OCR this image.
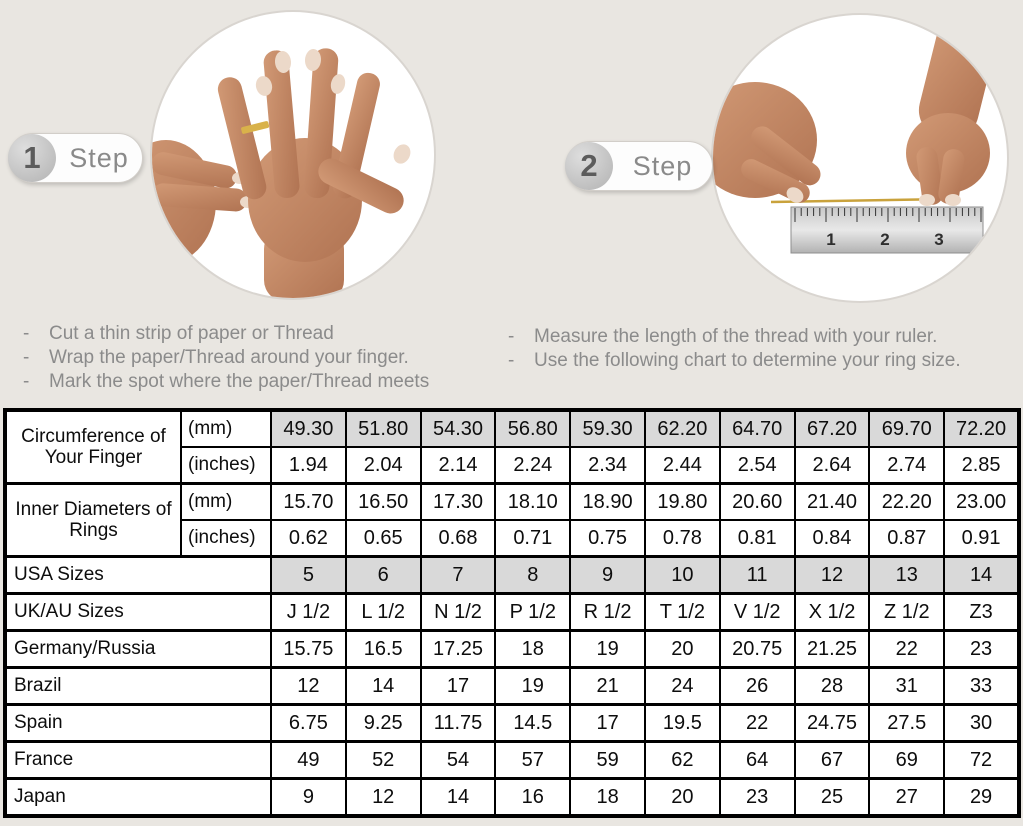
1	2	3
1	Step	2	Step
-	Cut a thin strip of paper or Thread
-	Wrap the paper/Thread around your finger.
-	Mark the spot where the paper/Thread meets
-	Measure the length of the thread with your ruler.
-	Use the following chart to determine your ring size.
Circumference of Your Finger	(mm)	49.30	51.80	54.30	56.80	59.30	62.20	64.70	67.20	69.70	72.20
	(inches)	1.94	2.04	2.14	2.24	2.34	2.44	2.54	2.64	2.74	2.85
Inner Diameters of Rings	(mm)	15.70	16.50	17.30	18.10	18.90	19.80	20.60	21.40	22.20	23.00
	(inches)	0.62	0.65	0.68	0.71	0.75	0.78	0.81	0.84	0.87	0.91
USA Sizes		5	6	7	8	9	10	11	12	13	14
UK/AU Sizes		J 1/2	L 1/2	N 1/2	P 1/2	R 1/2	T 1/2	V 1/2	X 1/2	Z 1/2	Z3
Germany/Russia		15.75	16.5	17.25	18	19	20	20.75	21.25	22	23
Brazil		12	14	17	19	21	24	26	28	31	33
Spain		6.75	9.25	11.75	14.5	17	19.5	22	24.75	27.5	30
France		49	52	54	57	59	62	64	67	69	72
Japan		9	12	14	16	18	20	23	25	27	29
